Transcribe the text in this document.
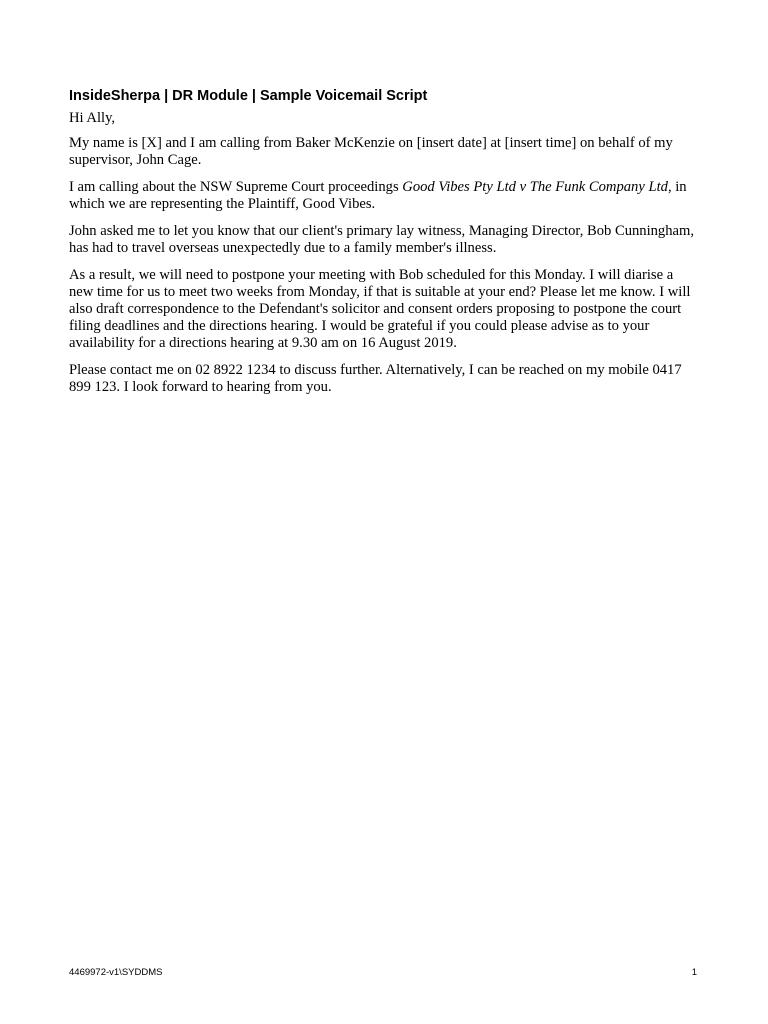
InsideSherpa | DR Module | Sample Voicemail Script

Hi Ally,

My name is [X] and I am calling from Baker McKenzie on [insert date] at [insert time] on behalf of my supervisor, John Cage.

I am calling about the NSW Supreme Court proceedings Good Vibes Pty Ltd v The Funk Company Ltd, in which we are representing the Plaintiff, Good Vibes.

John asked me to let you know that our client's primary lay witness, Managing Director, Bob Cunningham, has had to travel overseas unexpectedly due to a family member's illness.

As a result, we will need to postpone your meeting with Bob scheduled for this Monday. I will diarise a new time for us to meet two weeks from Monday, if that is suitable at your end? Please let me know. I will also draft correspondence to the Defendant's solicitor and consent orders proposing to postpone the court filing deadlines and the directions hearing. I would be grateful if you could please advise as to your availability for a directions hearing at 9.30 am on 16 August 2019.

Please contact me on 02 8922 1234 to discuss further. Alternatively, I can be reached on my mobile 0417 899 123. I look forward to hearing from you.

4469972-v1\SYDDMS	1
